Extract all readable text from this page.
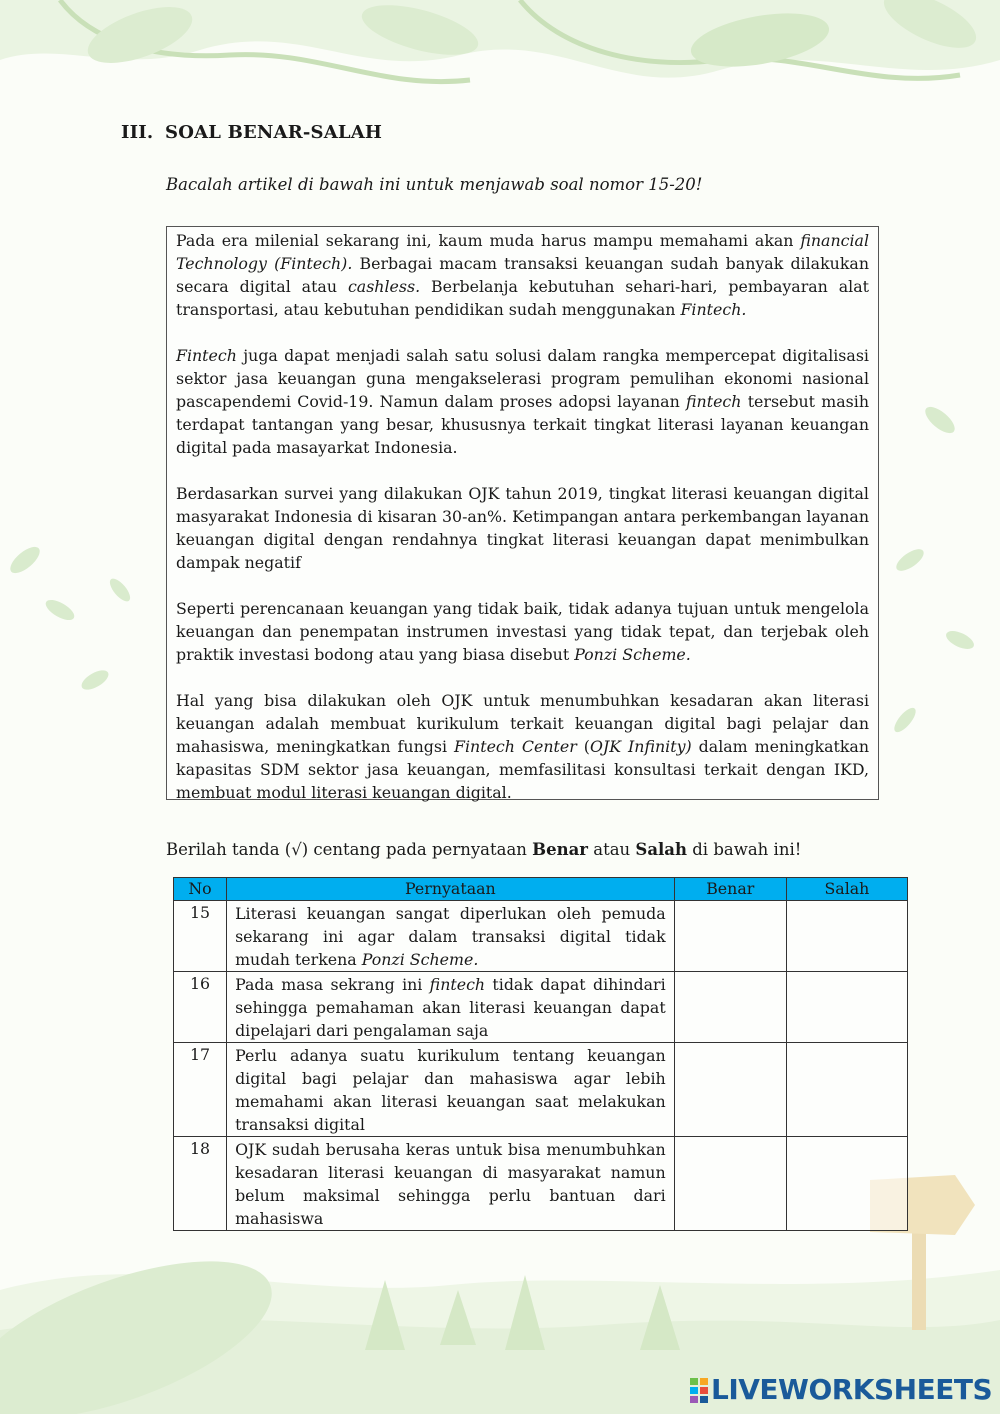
III. SOAL BENAR-SALAH
Bacalah artikel di bawah ini untuk menjawab soal nomor 15-20!

Pada era milenial sekarang ini, kaum muda harus mampu memahami akan financial Technology (Fintech). Berbagai macam transaksi keuangan sudah banyak dilakukan secara digital atau cashless. Berbelanja kebutuhan sehari-hari, pembayaran alat transportasi, atau kebutuhan pendidikan sudah menggunakan Fintech.

Fintech juga dapat menjadi salah satu solusi dalam rangka mempercepat digitalisasi sektor jasa keuangan guna mengakselerasi program pemulihan ekonomi nasional pascapendemi Covid-19. Namun dalam proses adopsi layanan fintech tersebut masih terdapat tantangan yang besar, khususnya terkait tingkat literasi layanan keuangan digital pada masayarkat Indonesia.

Berdasarkan survei yang dilakukan OJK tahun 2019, tingkat literasi keuangan digital masyarakat Indonesia di kisaran 30-an%. Ketimpangan antara perkembangan layanan keuangan digital dengan rendahnya tingkat literasi keuangan dapat menimbulkan dampak negatif

Seperti perencanaan keuangan yang tidak baik, tidak adanya tujuan untuk mengelola keuangan dan penempatan instrumen investasi yang tidak tepat, dan terjebak oleh praktik investasi bodong atau yang biasa disebut Ponzi Scheme.

Hal yang bisa dilakukan oleh OJK untuk menumbuhkan kesadaran akan literasi keuangan adalah membuat kurikulum terkait keuangan digital bagi pelajar dan mahasiswa, meningkatkan fungsi Fintech Center (OJK Infinity) dalam meningkatkan kapasitas SDM sektor jasa keuangan, memfasilitasi konsultasi terkait dengan IKD, membuat modul literasi keuangan digital.

Berilah tanda (√) centang pada pernyataan Benar atau Salah di bawah ini!
No	Pernyataan	Benar	Salah
15	Literasi keuangan sangat diperlukan oleh pemuda sekarang ini agar dalam transaksi digital tidak mudah terkena Ponzi Scheme.		
16	Pada masa sekrang ini fintech tidak dapat dihindari sehingga pemahaman akan literasi keuangan dapat dipelajari dari pengalaman saja		
17	Perlu adanya suatu kurikulum tentang keuangan digital bagi pelajar dan mahasiswa agar lebih memahami akan literasi keuangan saat melakukan transaksi digital		
18	OJK sudah berusaha keras untuk bisa menumbuhkan kesadaran literasi keuangan di masyarakat namun belum maksimal sehingga perlu bantuan dari mahasiswa		
LIVEWORKSHEETS
